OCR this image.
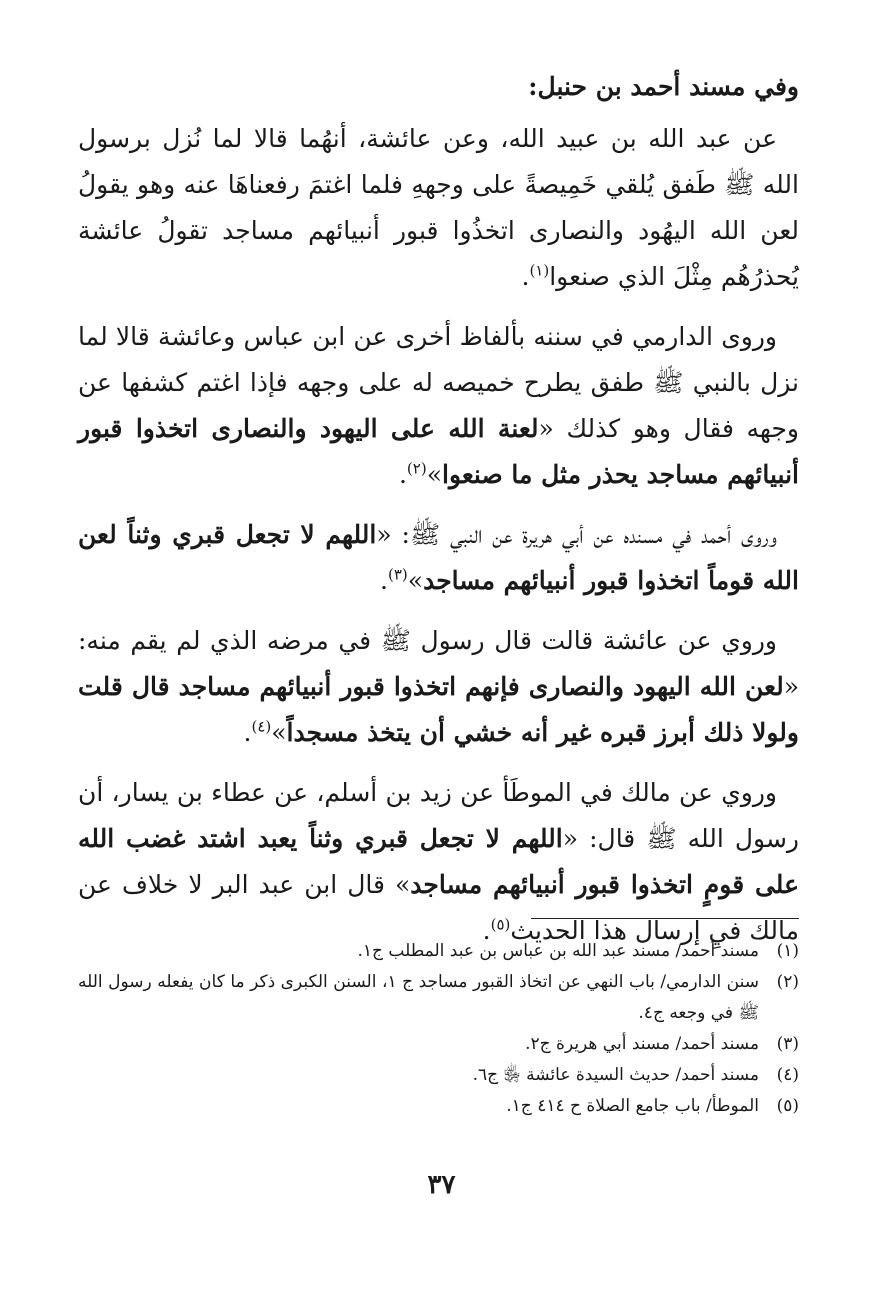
وفي مسند أحمد بن حنبل:

عن عبد الله بن عبيد الله، وعن عائشة، أنهُما قالا لما نُزل برسول الله ﷺ طَفق يُلقي خَمِيصةً على وجههِ فلما اغتمَ رفعناهَا عنه وهو يقولُ لعن الله اليهُود والنصارى اتخذُوا قبور أنبيائهم مساجد تقولُ عائشة يُحذرُهُم مِثْلَ الذي صنعوا$^{(١)}$.

وروى الدارمي في سننه بألفاظ أخرى عن ابن عباس وعائشة قالا لما نزل بالنبي ﷺ طفق يطرح خميصه له على وجهه فإذا اغتم كشفها عن وجهه فقال وهو كذلك «لعنة الله على اليهود والنصارى اتخذوا قبور أنبيائهم مساجد يحذر مثل ما صنعوا»$^{(٢)}$.

وروى أحمد في مسنده عن أبي هريرة عن النبي ﷺ: «اللهم لا تجعل قبري وثناً لعن الله قوماً اتخذوا قبور أنبيائهم مساجد»$^{(٣)}$.

وروي عن عائشة قالت قال رسول ﷺ في مرضه الذي لم يقم منه: «لعن الله اليهود والنصارى فإنهم اتخذوا قبور أنبيائهم مساجد قال قلت ولولا ذلك أبرز قبره غير أنه خشي أن يتخذ مسجداً»$^{(٤)}$.

وروي عن مالك في الموطَأ عن زيد بن أسلم، عن عطاء بن يسار، أن رسول الله ﷺ قال: «اللهم لا تجعل قبري وثناً يعبد اشتد غضب الله على قومٍ اتخذوا قبور أنبيائهم مساجد» قال ابن عبد البر لا خلاف عن مالك فيِ إرسال هذا الحديث$^{(٥)}$.

(١)
مسند أحمد/ مسند عبد الله بن عباس بن عبد المطلب ج١.
(٢)
سنن الدارمي/ باب النهي عن اتخاذ القبور مساجد ج ١، السنن الكبرى ذكر ما كان يفعله رسول الله ﷺ في وجعه ج٤.
(٣)
مسند أحمد/ مسند أبي هريرة ج٢.
(٤)
مسند أحمد/ حديث السيدة عائشة ﵂ ج٦.
(٥)
الموطأ/ باب جامع الصلاة ح ٤١٤ ج١.
٣٧
